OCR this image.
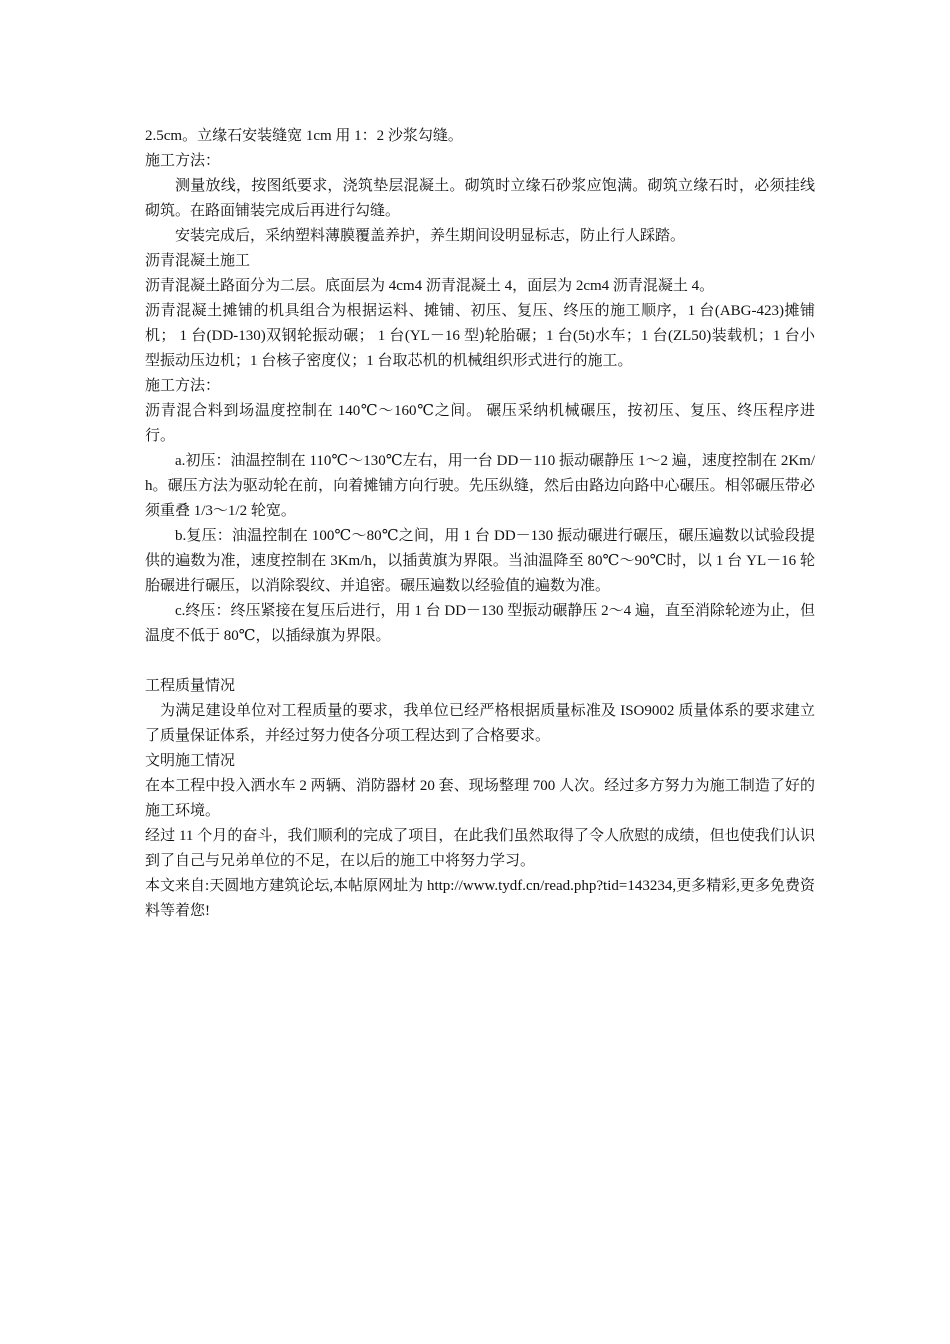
2.5cm。立缘石安装缝宽 1cm 用 1：2 沙浆勾缝。

施工方法：

测量放线，按图纸要求，浇筑垫层混凝土。砌筑时立缘石砂浆应饱满。砌筑立缘石时，必须挂线砌筑。在路面铺装完成后再进行勾缝。

安装完成后，采纳塑料薄膜覆盖养护，养生期间设明显标志，防止行人踩踏。

沥青混凝土施工

沥青混凝土路面分为二层。底面层为 4cm4 沥青混凝土 4，面层为 2cm4 沥青混凝土 4。

沥青混凝土摊铺的机具组合为根据运料、摊铺、初压、复压、终压的施工顺序，1 台(ABG-423)摊铺机； 1 台(DD-130)双钢轮振动碾； 1 台(YL－16 型)轮胎碾；1 台(5t)水车；1 台(ZL50)装载机；1 台小型振动压边机；1 台核子密度仪；1 台取芯机的机械组织形式进行的施工。

施工方法：

沥青混合料到场温度控制在 140℃～160℃之间。 碾压采纳机械碾压，按初压、复压、终压程序进行。

a.初压：油温控制在 110℃～130℃左右，用一台 DD－110 振动碾静压 1～2 遍，速度控制在 2Km/h。碾压方法为驱动轮在前，向着摊铺方向行驶。先压纵缝，然后由路边向路中心碾压。相邻碾压带必须重叠 1/3～1/2 轮宽。

b.复压：油温控制在 100℃～80℃之间，用 1 台 DD－130 振动碾进行碾压，碾压遍数以试验段提供的遍数为准，速度控制在 3Km/h，以插黄旗为界限。当油温降至 80℃～90℃时，以 1 台 YL－16 轮胎碾进行碾压，以消除裂纹、并追密。碾压遍数以经验值的遍数为准。

c.终压：终压紧接在复压后进行，用 1 台 DD－130 型振动碾静压 2～4 遍，直至消除轮迹为止，但温度不低于 80℃，以插绿旗为界限。

工程质量情况

为满足建设单位对工程质量的要求，我单位已经严格根据质量标准及 ISO9002 质量体系的要求建立了质量保证体系，并经过努力使各分项工程达到了合格要求。

文明施工情况

在本工程中投入洒水车 2 两辆、消防器材 20 套、现场整理 700 人次。经过多方努力为施工制造了好的施工环境。

经过 11 个月的奋斗，我们顺利的完成了项目，在此我们虽然取得了令人欣慰的成绩，但也使我们认识到了自己与兄弟单位的不足，在以后的施工中将努力学习。

本文来自:天圆地方建筑论坛,本帖原网址为 http://www.tydf.cn/read.php?tid=143234,更多精彩,更多免费资料等着您!
